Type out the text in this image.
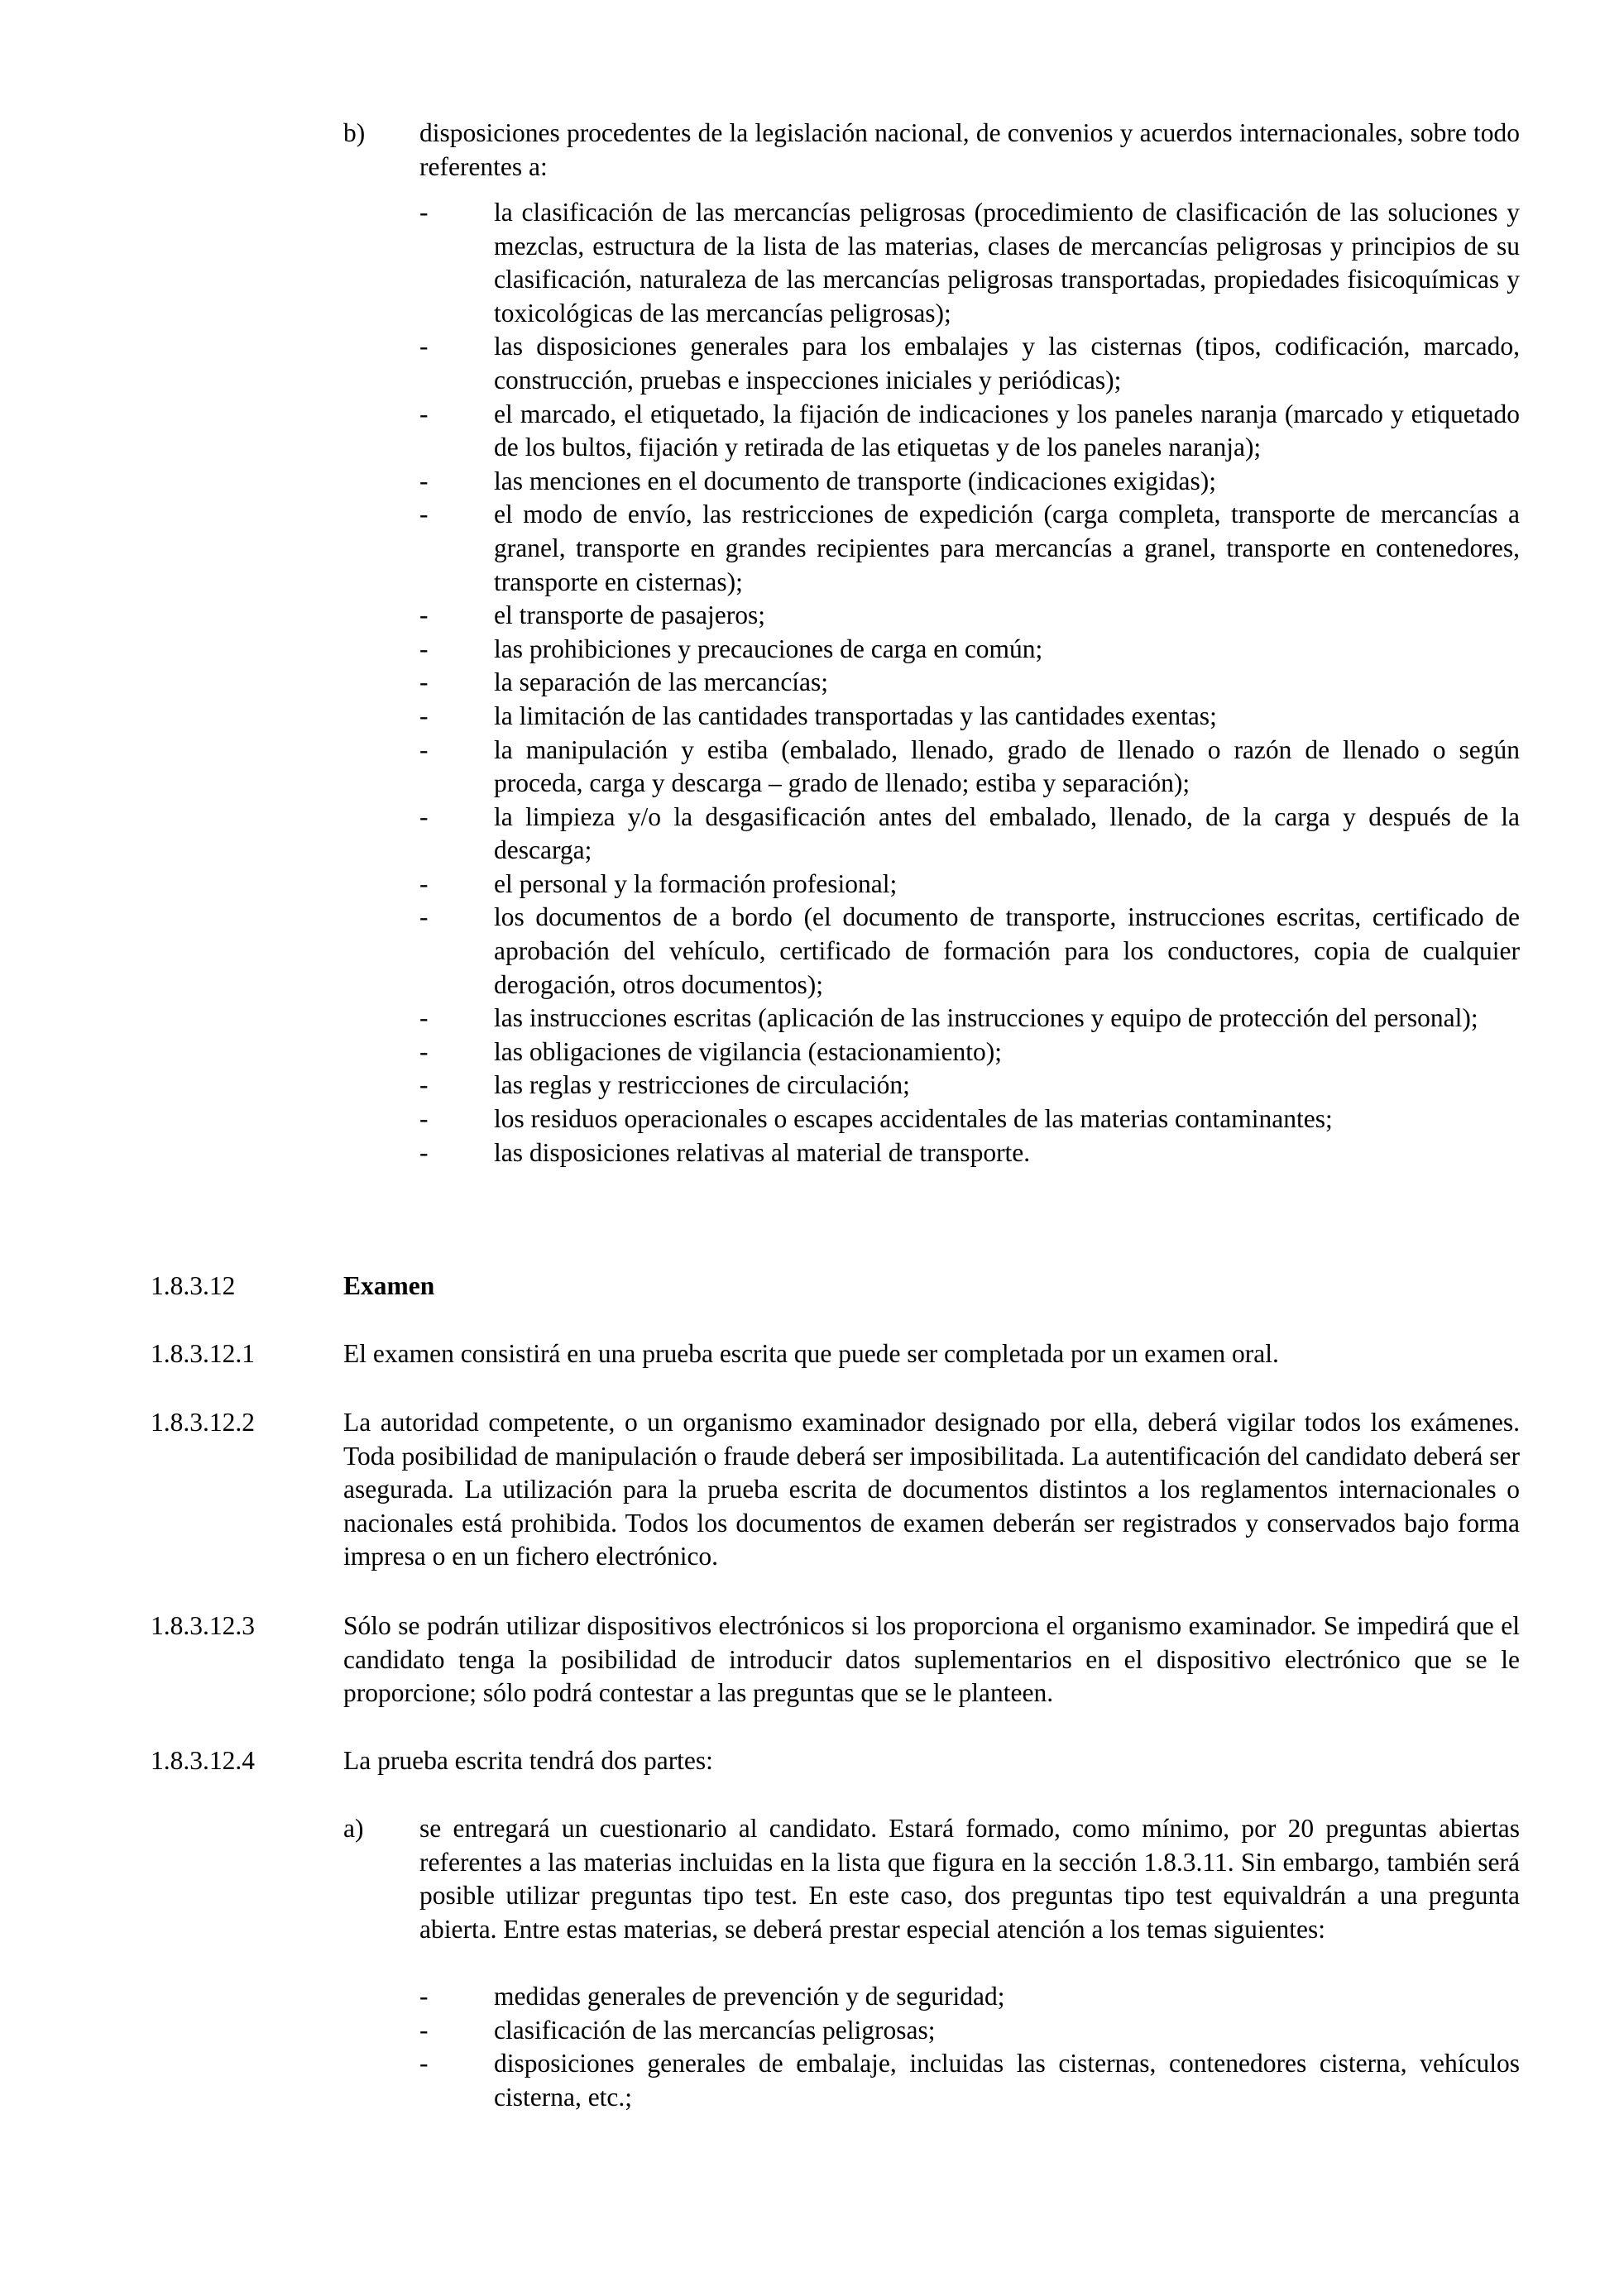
b) disposiciones procedentes de la legislación nacional, de convenios y acuerdos internacionales, sobre todo referentes a:
-	la clasificación de las mercancías peligrosas (procedimiento de clasificación de las soluciones y mezclas, estructura de la lista de las materias, clases de mercancías peligrosas y principios de su clasificación, naturaleza de las mercancías peligrosas transportadas, propiedades fisicoquímicas y toxicológicas de las mercancías peligrosas);
-	las disposiciones generales para los embalajes y las cisternas (tipos, codificación, marcado, construcción, pruebas e inspecciones iniciales y periódicas);
-	el marcado, el etiquetado, la fijación de indicaciones y los paneles naranja (marcado y etiquetado de los bultos, fijación y retirada de las etiquetas y de los paneles naranja);
-	las menciones en el documento de transporte (indicaciones exigidas);
-	el modo de envío, las restricciones de expedición (carga completa, transporte de mercancías a granel, transporte en grandes recipientes para mercancías a granel, transporte en contenedores, transporte en cisternas);
-	el transporte de pasajeros;
-	las prohibiciones y precauciones de carga en común;
-	la separación de las mercancías;
-	la limitación de las cantidades transportadas y las cantidades exentas;
-	la manipulación y estiba (embalado, llenado, grado de llenado o razón de llenado o según proceda, carga y descarga – grado de llenado; estiba y separación);
-	la limpieza y/o la desgasificación antes del embalado, llenado, de la carga y después de la descarga;
-	el personal y la formación profesional;
-	los documentos de a bordo (el documento de transporte, instrucciones escritas, certificado de aprobación del vehículo, certificado de formación para los conductores, copia de cualquier derogación, otros documentos);
-	las instrucciones escritas (aplicación de las instrucciones y equipo de protección del personal);
-	las obligaciones de vigilancia (estacionamiento);
-	las reglas y restricciones de circulación;
-	los residuos operacionales o escapes accidentales de las materias contaminantes;
-	las disposiciones relativas al material de transporte.
1.8.3.12	Examen
1.8.3.12.1	El examen consistirá en una prueba escrita que puede ser completada por un examen oral.
1.8.3.12.2	La autoridad competente, o un organismo examinador designado por ella, deberá vigilar todos los exámenes. Toda posibilidad de manipulación o fraude deberá ser imposibilitada. La autentificación del candidato deberá ser asegurada. La utilización para la prueba escrita de documentos distintos a los reglamentos internacionales o nacionales está prohibida. Todos los documentos de examen deberán ser registrados y conservados bajo forma impresa o en un fichero electrónico.
1.8.3.12.3	Sólo se podrán utilizar dispositivos electrónicos si los proporciona el organismo examinador. Se impedirá que el candidato tenga la posibilidad de introducir datos suplementarios en el dispositivo electrónico que se le proporcione; sólo podrá contestar a las preguntas que se le planteen.
1.8.3.12.4	La prueba escrita tendrá dos partes:
a) se entregará un cuestionario al candidato. Estará formado, como mínimo, por 20 preguntas abiertas referentes a las materias incluidas en la lista que figura en la sección 1.8.3.11. Sin embargo, también será posible utilizar preguntas tipo test. En este caso, dos preguntas tipo test equivaldrán a una pregunta abierta. Entre estas materias, se deberá prestar especial atención a los temas siguientes:
-	medidas generales de prevención y de seguridad;
-	clasificación de las mercancías peligrosas;
-	disposiciones generales de embalaje, incluidas las cisternas, contenedores cisterna, vehículos cisterna, etc.;
